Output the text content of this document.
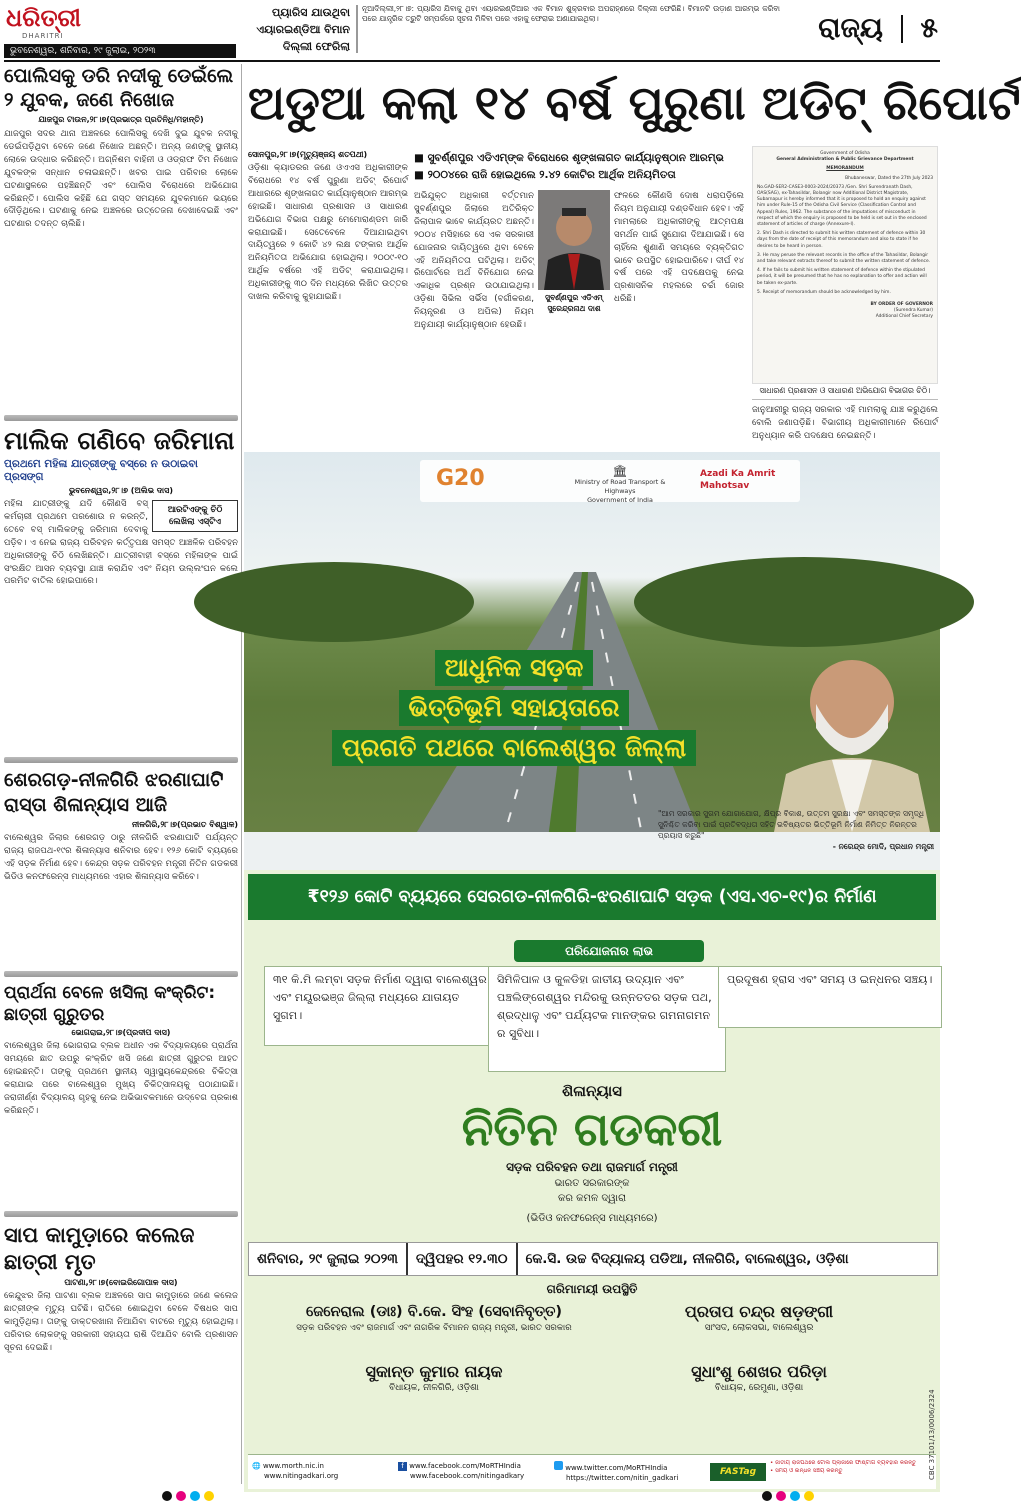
ଧରିତ୍ରୀ
DHARITRI
ଭୁବନେଶ୍ୱର, ଶନିବାର, ୨୯ ଜୁଲାଇ, ୨୦୨୩
ପ୍ୟାରିସ ଯାଉଥିବା
ଏୟାରଇଣ୍ଡିଆ ବିମାନ
ଦିଲ୍ଲୀ ଫେରିଲା
ନୂଆଦିଲ୍ଲୀ,୨୮।୭: ପ୍ୟାରିସ ଯିବାକୁ ଥିବା ଏୟାରଇଣ୍ଡିଆର ଏକ ବିମାନ ଶୁକ୍ରବାର ଅପରାହ୍ଣରେ ଦିଲ୍ଲୀ ଫେରିଛି। ବିମାନଟି ଉଡ଼ାଣ ଆରମ୍ଭ କରିବା ପରେ ଯାନ୍ତ୍ରିକ ତ୍ରୁଟି ସମ୍ପର୍କରେ ସୂଚନା ମିଳିବା ପରେ ଏହାକୁ ଫେରାଇ ଅଣାଯାଇଥିଲା।	ରାଜ୍ୟ ୫
ପୋଲିସକୁ ଡରି ନଦୀକୁ ଡେଇଁଲେ
୨ ଯୁବକ, ଜଣେ ନିଖୋଜ
ଯାଜପୁର ଟାଉନ,୨୮।୭(ପ୍ରଭାତ୍ର ପ୍ରତିନିଧି/ମହାନ୍ତି)
ଯାଜପୁର ସଦର ଥାନା ଅଞ୍ଚଳରେ ପୋଲିସକୁ ଦେଖି ଦୁଇ ଯୁବକ ନଦୀକୁ ଡେଇଁପଡ଼ିଥିବା ବେଳେ ଜଣେ ନିଖୋଜ ଅଛନ୍ତି। ଅନ୍ୟ ଜଣଙ୍କୁ ସ୍ଥାନୀୟ ଲୋକେ ଉଦ୍ଧାର କରିଛନ୍ତି। ଅଗ୍ନିଶମ ବାହିନୀ ଓ ଓଡ୍ରାଫ ଟିମ ନିଖୋଜ ଯୁବକଙ୍କ ସନ୍ଧାନ ଚଳାଇଛନ୍ତି। ଖବର ପାଇ ପରିବାର ଲୋକେ ଘଟଣାସ୍ଥଳରେ ପହଞ୍ଚିଛନ୍ତି ଏବଂ ପୋଲିସ ବିରୋଧରେ ଅଭିଯୋଗ କରିଛନ୍ତି। ପୋଲିସ କହିଛି ଯେ ଗସ୍ତ ସମୟରେ ଯୁବକମାନେ ଭୟରେ ଦୌଡ଼ିଥିଲେ। ଘଟଣାକୁ ନେଇ ଅଞ୍ଚଳରେ ଉତ୍ତେଜନା ଦେଖାଦେଇଛି ଏବଂ ଘଟଣାର ତଦନ୍ତ ଚାଲିଛି।
ମାଲିକ ଗଣିବେ ଜରିମାନା
ପ୍ରଥମେ ମହିଳା ଯାତ୍ରୀଙ୍କୁ ବସ୍‌ରେ ନ ଉଠାଇବା ପ୍ରସଙ୍ଗ
ଭୁବନେଶ୍ୱର,୨୮।୭ (ଅଲିଭ ଦାସ)
ଆରଟିଏଙ୍କୁ ଚିଠି ଲେଖିଲା ଏସ୍‌ଟିଏ
ମହିଳା ଯାତ୍ରୀଙ୍କୁ ଯଦି କୌଣସି ବସ୍ କର୍ମଚାରୀ ପ୍ରଥମେ ପରଶୋଉ ନ କରନ୍ତି, ତେବେ ବସ୍ ମାଲିକଙ୍କୁ ଜରିମାନା ଦେବାକୁ ପଡ଼ିବ। ଏ ନେଇ ରାଜ୍ୟ ପରିବହନ କର୍ତ୍ତୃପକ୍ଷ ସମସ୍ତ ଆଞ୍ଚଳିକ ପରିବହନ ଅଧିକାରୀଙ୍କୁ ଚିଠି ଲେଖିଛନ୍ତି। ଯାତ୍ରୀବାହୀ ବସ୍‌ରେ ମହିଳାଙ୍କ ପାଇଁ ସଂରକ୍ଷିତ ଆସନ ବ୍ୟବସ୍ଥା ଯାଞ୍ଚ କରାଯିବ ଏବଂ ନିୟମ ଉଲ୍ଲଂଘନ କଲେ ପରମିଟ ବାତିଲ ହୋଇପାରେ।
ଶେରଗଡ଼-ନୀଳଗିରି ଝରଣାଘାଟି
ରାସ୍ତା ଶିଳାନ୍ୟାସ ଆଜି
ନୀଳଗିରି,୨୮।୭(ପ୍ରଭାତ ବିଶ୍ୱାଳ)
ବାଲେଶ୍ୱର ଜିଲାର ଶେରଗଡ଼ ଠାରୁ ନୀଳଗିରି ଝରଣାଘାଟି ପର୍ଯ୍ୟନ୍ତ ରାଜ୍ୟ ରାଜପଥ-୧୯ର ଶିଳାନ୍ୟାସ ଶନିବାର ହେବ। ୧୨୬ କୋଟି ବ୍ୟୟରେ ଏହି ସଡ଼କ ନିର୍ମାଣ ହେବ। କେନ୍ଦ୍ର ସଡ଼କ ପରିବହନ ମନ୍ତ୍ରୀ ନିତିନ ଗଡକରୀ ଭିଡିଓ କନଫରେନ୍ସ ମାଧ୍ୟମରେ ଏହାର ଶିଳାନ୍ୟାସ କରିବେ।
ପ୍ରାର୍ଥନା ବେଳେ ଖସିଲା କଂକ୍ରିଟ: ଛାତ୍ରୀ ଗୁରୁତର
ଭୋଗରାଇ,୨୮।୭(ପ୍ରଦୀପ ଦାସ)
ବାଲେଶ୍ୱର ଜିଲା ଭୋଗରାଇ ବ୍ଲକ ଅଧୀନ ଏକ ବିଦ୍ୟାଳୟରେ ପ୍ରାର୍ଥନା ସମୟରେ ଛାତ ଉପରୁ କଂକ୍ରିଟ ଖସି ଜଣେ ଛାତ୍ରୀ ଗୁରୁତର ଆହତ ହୋଇଛନ୍ତି। ତାଙ୍କୁ ପ୍ରଥମେ ସ୍ଥାନୀୟ ସ୍ୱାସ୍ଥ୍ୟକେନ୍ଦ୍ରରେ ଚିକିତ୍ସା କରାଯାଇ ପରେ ବାଲେଶ୍ୱର ମୁଖ୍ୟ ଚିକିତ୍ସାଳୟକୁ ପଠାଯାଇଛି। ଜରାଜୀର୍ଣ୍ଣ ବିଦ୍ୟାଳୟ ଗୃହକୁ ନେଇ ଅଭିଭାବକମାନେ ଉଦ୍‌ବେଗ ପ୍ରକାଶ କରିଛନ୍ତି।
ସାପ କାମୁଡ଼ାରେ କଲେଜ ଛାତ୍ରୀ ମୃତ
ପାଟଣା,୨୮।୭(ବୋଇରିଗୋପାଳ ଦାସ)
କେନ୍ଦୁଝର ଜିଲା ପାଟଣା ବ୍ଲକ ଅଞ୍ଚଳରେ ସାପ କାମୁଡ଼ାରେ ଜଣେ କଲେଜ ଛାତ୍ରୀଙ୍କ ମୃତ୍ୟୁ ଘଟିଛି। ରାତିରେ ଶୋଇଥିବା ବେଳେ ବିଷଧର ସାପ କାମୁଡ଼ିଥିଲା। ତାଙ୍କୁ ଡାକ୍ତରଖାନା ନିଆଯିବା ବାଟରେ ମୃତ୍ୟୁ ହୋଇଥିଲା। ପରିବାର ଲୋକଙ୍କୁ ସରକାରୀ ସହାୟତା ରାଶି ଦିଆଯିବ ବୋଲି ପ୍ରଶାସନ ସୂଚନା ଦେଇଛି।
ଅଡୁଆ କଲା ୧୪ ବର୍ଷ ପୁରୁଣା ଅଡିଟ୍ ରିପୋର୍ଟ
ସୋନପୁର,୨୮।୭(ମୃତ୍ୟୁଞ୍ଜୟ ଶତପଥୀ)
ଓଡ଼ିଶା କ୍ୟାଡରର ଜଣେ ଓଏଏସ ଅଧିକାରୀଙ୍କ ବିରୋଧରେ ୧୪ ବର୍ଷ ପୁରୁଣା ଅଡିଟ୍ ରିପୋର୍ଟ ଆଧାରରେ ଶୃଙ୍ଖଳାଗତ କାର୍ଯ୍ୟାନୁଷ୍ଠାନ ଆରମ୍ଭ ହୋଇଛି। ସାଧାରଣ ପ୍ରଶାସନ ଓ ସାଧାରଣ ଅଭିଯୋଗ ବିଭାଗ ପକ୍ଷରୁ ମେମୋରାଣ୍ଡମ ଜାରି କରାଯାଇଛି। ସେତେବେଳେ ଦିଆଯାଇଥିବା ଦାୟିତ୍ୱରେ ୨ କୋଟି ୪୨ ଲକ୍ଷ ଟଙ୍କାର ଆର୍ଥିକ ଅନିୟମିତତା ଅଭିଯୋଗ ହୋଇଥିଲା। ୨୦୦୯-୧୦ ଆର୍ଥିକ ବର୍ଷରେ ଏହି ଅଡିଟ୍ କରାଯାଇଥିଲା। ଅଧିକାରୀଙ୍କୁ ୩୦ ଦିନ ମଧ୍ୟରେ ଲିଖିତ ଉତ୍ତର ଦାଖଲ କରିବାକୁ କୁହାଯାଇଛି।
■ ସୁବର୍ଣ୍ଣପୁର ଏଡିଏମ୍‌ଙ୍କ ବିରୋଧରେ ଶୃଙ୍ଖଳାଗତ କାର୍ଯ୍ୟାନୁଷ୍ଠାନ ଆରମ୍ଭ
■ ୨୦୦୪ରେ ରାଜି ହୋଇଥିଲେ ୨.୪୨ କୋଟିର ଆର୍ଥିକ ଅନିୟମିତତା
ଅଭିଯୁକ୍ତ ଅଧିକାରୀ ବର୍ତ୍ତମାନ ସୁବର୍ଣ୍ଣପୁର ଜିଲାରେ ଅତିରିକ୍ତ ଜିଲାପାଳ ଭାବେ କାର୍ଯ୍ୟରତ ଅଛନ୍ତି। ୨୦୦୪ ମସିହାରେ ସେ ଏକ ସରକାରୀ ଯୋଜନାର ଦାୟିତ୍ୱରେ ଥିବା ବେଳେ ଏହି ଅନିୟମିତତା ଘଟିଥିଲା। ଅଡିଟ୍ ରିପୋର୍ଟରେ ଅର୍ଥ ବିନିଯୋଗ ନେଇ ଏକାଧିକ ପ୍ରଶ୍ନ ଉଠାଯାଇଥିଲା। ଓଡ଼ିଶା ସିଭିଲ ସର୍ଭିସ (ବର୍ଗୀକରଣ, ନିୟନ୍ତ୍ରଣ ଓ ଅପିଲ) ନିୟମ ଅନୁଯାୟୀ କାର୍ଯ୍ୟାନୁଷ୍ଠାନ ହେଉଛି।
ସୁବର୍ଣ୍ଣପୁର ଏଡିଏମ୍ ସୁରେନ୍ଦ୍ରନାଥ ଦାଶ
ଫଳରେ କୌଣସି ଦୋଷ ଧରାପଡ଼ିଲେ ନିୟମ ଅନୁଯାୟୀ ଦଣ୍ଡବିଧାନ ହେବ। ଏହି ମାମଲାରେ ଅଧିକାରୀଙ୍କୁ ଆତ୍ମପକ୍ଷ ସମର୍ଥନ ପାଇଁ ସୁଯୋଗ ଦିଆଯାଇଛି। ସେ ଚାହିଁଲେ ଶୁଣାଣି ସମୟରେ ବ୍ୟକ୍ତିଗତ ଭାବେ ଉପସ୍ଥିତ ହୋଇପାରିବେ। ଦୀର୍ଘ ୧୪ ବର୍ଷ ପରେ ଏହି ପଦକ୍ଷେପକୁ ନେଇ ପ୍ରଶାସନିକ ମହଲରେ ଚର୍ଚ୍ଚା ଜୋର ଧରିଛି।
Government of Odisha
General Administration & Public Grievance Department
MEMORANDUM
Bhubaneswar, Dated the 27th July 2023
No.GAD-SER2-CASE3-0003-2024/20373 /Gen. Shri Surendranath Dash, OAS(SAG), ex-Tahasildar, Bolangir now Additional District Magistrate, Subarnapur is hereby informed that it is proposed to hold an enquiry against him under Rule-15 of the Odisha Civil Service (Classification Control and Appeal) Rules, 1962. The substance of the imputations of misconduct in respect of which the enquiry is proposed to be held is set out in the enclosed statement of articles of charge (Annexure-I).
2. Shri Dash is directed to submit his written statement of defence within 30 days from the date of receipt of this memorandum and also to state if he desires to be heard in person.
3. He may peruse the relevant records in the office of the Tahasildar, Bolangir and take relevant extracts thereof to submit the written statement of defence.
4. If he fails to submit his written statement of defence within the stipulated period, it will be presumed that he has no explanation to offer and action will be taken ex-parte.
5. Receipt of memorandum should be acknowledged by him.
BY ORDER OF GOVERNOR
(Surendra Kumar)
Additional Chief Secretary
ସାଧାରଣ ପ୍ରଶାସନ ଓ ସାଧାରଣ ଅଭିଯୋଗ ବିଭାଗର ଚିଠି।
ଜାନୁଆରୀରୁ ରାଜ୍ୟ ସରକାର ଏହି ମାମଲାକୁ ଯାଞ୍ଚ କରୁଥିଲେ ବୋଲି ଜଣାପଡ଼ିଛି। ବିଭାଗୀୟ ଅଧିକାରୀମାନେ ରିପୋର୍ଟ ଅନୁଧ୍ୟାନ କରି ପଦକ୍ଷେପ ନେଇଛନ୍ତି।
G20	🏛
Ministry of Road Transport & Highways
Government of India
Azadi Ka Amrit Mahotsav
ଆଧୁନିକ ସଡ଼କ
ଭିତ୍ତିଭୂମି ସହାୟତାରେ
ପ୍ରଗତି ପଥରେ ବାଲେଶ୍ୱର ଜିଲ୍ଲା
"ଆମ ସରକାର ସୁଗମ ଯୋଗାଯୋଗ, କ୍ଷିପ୍ର ବିକାଶ, ଉତ୍ତମ ସୁରକ୍ଷା ଏବଂ ସମସ୍ତଙ୍କ ସମୃଦ୍ଧି ସୁନିଶ୍ଚିତ କରିବା ପାଇଁ ପ୍ରତିବଦ୍ଧତା ସହିତ ଭବିଷ୍ୟତର ଭିତ୍ତିଭୂମି ନିର୍ମାଣ ନିମିତ୍ତ ନିରନ୍ତର ପ୍ରୟାସ କରୁଛି"
- ନରେନ୍ଦ୍ର ମୋଦି, ପ୍ରଧାନ ମନ୍ତ୍ରୀ
₹୧୨୬ କୋଟି ବ୍ୟୟରେ ସେରଗଡ-ନୀଳଗିରି-ଝରଣାଘାଟି ସଡ଼କ (ଏସ.ଏଚ-୧୯)ର ନିର୍ମାଣ
ପରିଯୋଜନାର ଲାଭ
୩୧ କି.ମି ଲମ୍ବା ସଡ଼କ ନିର୍ମାଣ ଦ୍ୱାରା ବାଲେଶ୍ୱର ଏବଂ ମୟୂରଭଞ୍ଜ ଜିଲ୍ଲା ମଧ୍ୟରେ ଯାତାୟତ ସୁଗମ।
ସିମିଳିପାଳ ଓ କୁଳଡିହା ଜାତୀୟ ଉଦ୍ୟାନ ଏବଂ ପଞ୍ଚଲିଙ୍ଗେଶ୍ୱର ମନ୍ଦିରକୁ ଉନ୍ନତତର ସଡ଼କ ପଥ, ଶ୍ରଦ୍ଧାଳୁ ଏବଂ ପର୍ଯ୍ୟଟକ ମାନଙ୍କର ଗମନାଗମନ ର ସୁବିଧା।
ପ୍ରଦୂଷଣ ହ୍ରାସ ଏବଂ ସମୟ ଓ ଇନ୍ଧନର ସଞ୍ଚୟ।
ଶିଳାନ୍ୟାସ
ନିତିନ ଗଡକରୀ
ସଡ଼କ ପରିବହନ ତଥା ରାଜମାର୍ଗ ମନ୍ତ୍ରୀ
ଭାରତ ସରକାରଙ୍କ
କର କମଳ ଦ୍ୱାରା
(ଭିଡିଓ କନଫରେନ୍ସ ମାଧ୍ୟମରେ)
ଶନିବାର, ୨୯ ଜୁଲାଇ ୨୦୨୩ ଦ୍ୱିପହର ୧୨.୩୦ କେ.ସି. ଉଚ୍ଚ ବିଦ୍ୟାଳୟ ପଡିଆ, ନୀଳଗିରି, ବାଲେଶ୍ୱର, ଓଡ଼ିଶା
ଗରିମାମୟୀ ଉପସ୍ଥିତି
ଜେନେରାଲ (ଡାଃ) ବି.କେ. ସିଂହ (ସେବାନିବୃତ୍ତ)
ସଡ଼କ ପରିବହନ ଏବଂ ରାଜମାର୍ଗ ଏବଂ ନାଗରିକ ବିମାନନ ରାଜ୍ୟ ମନ୍ତ୍ରୀ, ଭାରତ ସରକାର
ପ୍ରତାପ ଚନ୍ଦ୍ର ଷଡ଼ଙ୍ଗୀ
ସାଂସଦ, ଲୋକସଭା, ବାଲେଶ୍ୱର
ସୁକାନ୍ତ କୁମାର ନାୟକ
ବିଧାୟକ, ନୀଳଗିରି, ଓଡ଼ିଶା
ସୁଧାଂଶୁ ଶେଖର ପରିଡ଼ା
ବିଧାୟକ, ରେମୁଣା, ଓଡ଼ିଶା
🌐 www.morth.nic.in
www.nitingadkari.org
f www.facebook.com/MoRTHIndia
www.facebook.com/nitingadkary
www.twitter.com/MoRTHIndia
https://twitter.com/nitin_gadkari
FASTag
• ଜାତୀୟ ରାଜପଥରେ ଟୋଲ ପ୍ଲାଜାରେ ଫାଷ୍ଟାଗ ବ୍ୟବହାର କରନ୍ତୁ
• ସମୟ ଓ ଇନ୍ଧନ ସଞ୍ଚୟ କରନ୍ତୁ	CBC 37101/13/0006/2324
